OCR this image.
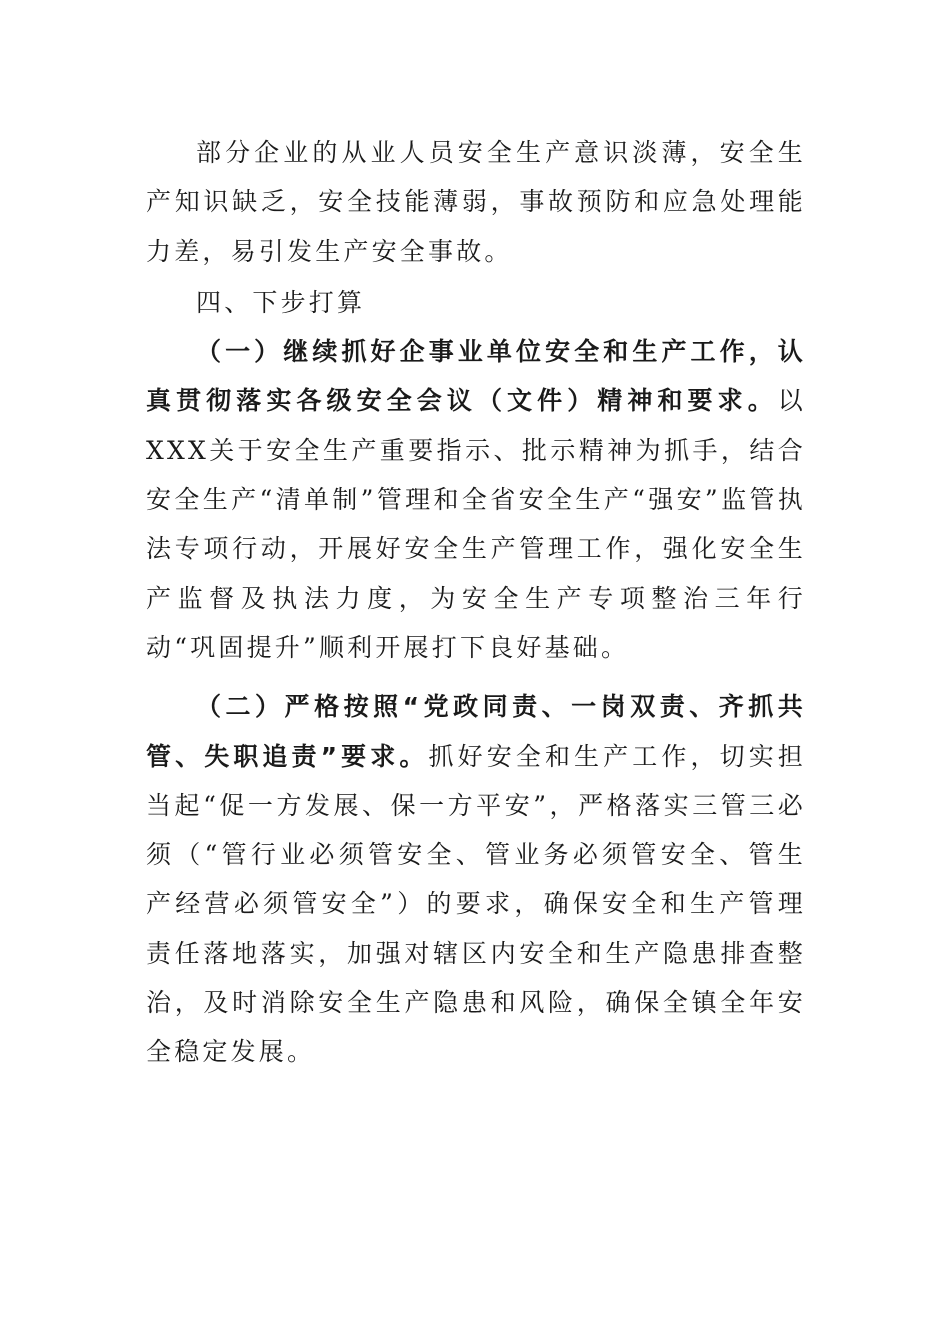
部分企业的从业人员安全生产意识淡薄，安全生产知识缺乏，安全技能薄弱，事故预防和应急处理能力差，易引发生产安全事故。

四、下步打算

（一）继续抓好企事业单位安全和生产工作，认真贯彻落实各级安全会议（文件）精神和要求。以XXX关于安全生产重要指示、批示精神为抓手，结合安全生产“清单制”管理和全省安全生产“强安”监管执法专项行动，开展好安全生产管理工作，强化安全生产监督及执法力度，为安全生产专项整治三年行动“巩固提升”顺利开展打下良好基础。

（二）严格按照“党政同责、一岗双责、齐抓共管、失职追责”要求。抓好安全和生产工作，切实担当起“促一方发展、保一方平安”，严格落实三管三必须（“管行业必须管安全、管业务必须管安全、管生产经营必须管安全”）的要求，确保安全和生产管理责任落地落实，加强对辖区内安全和生产隐患排查整治，及时消除安全生产隐患和风险，确保全镇全年安全稳定发展。
